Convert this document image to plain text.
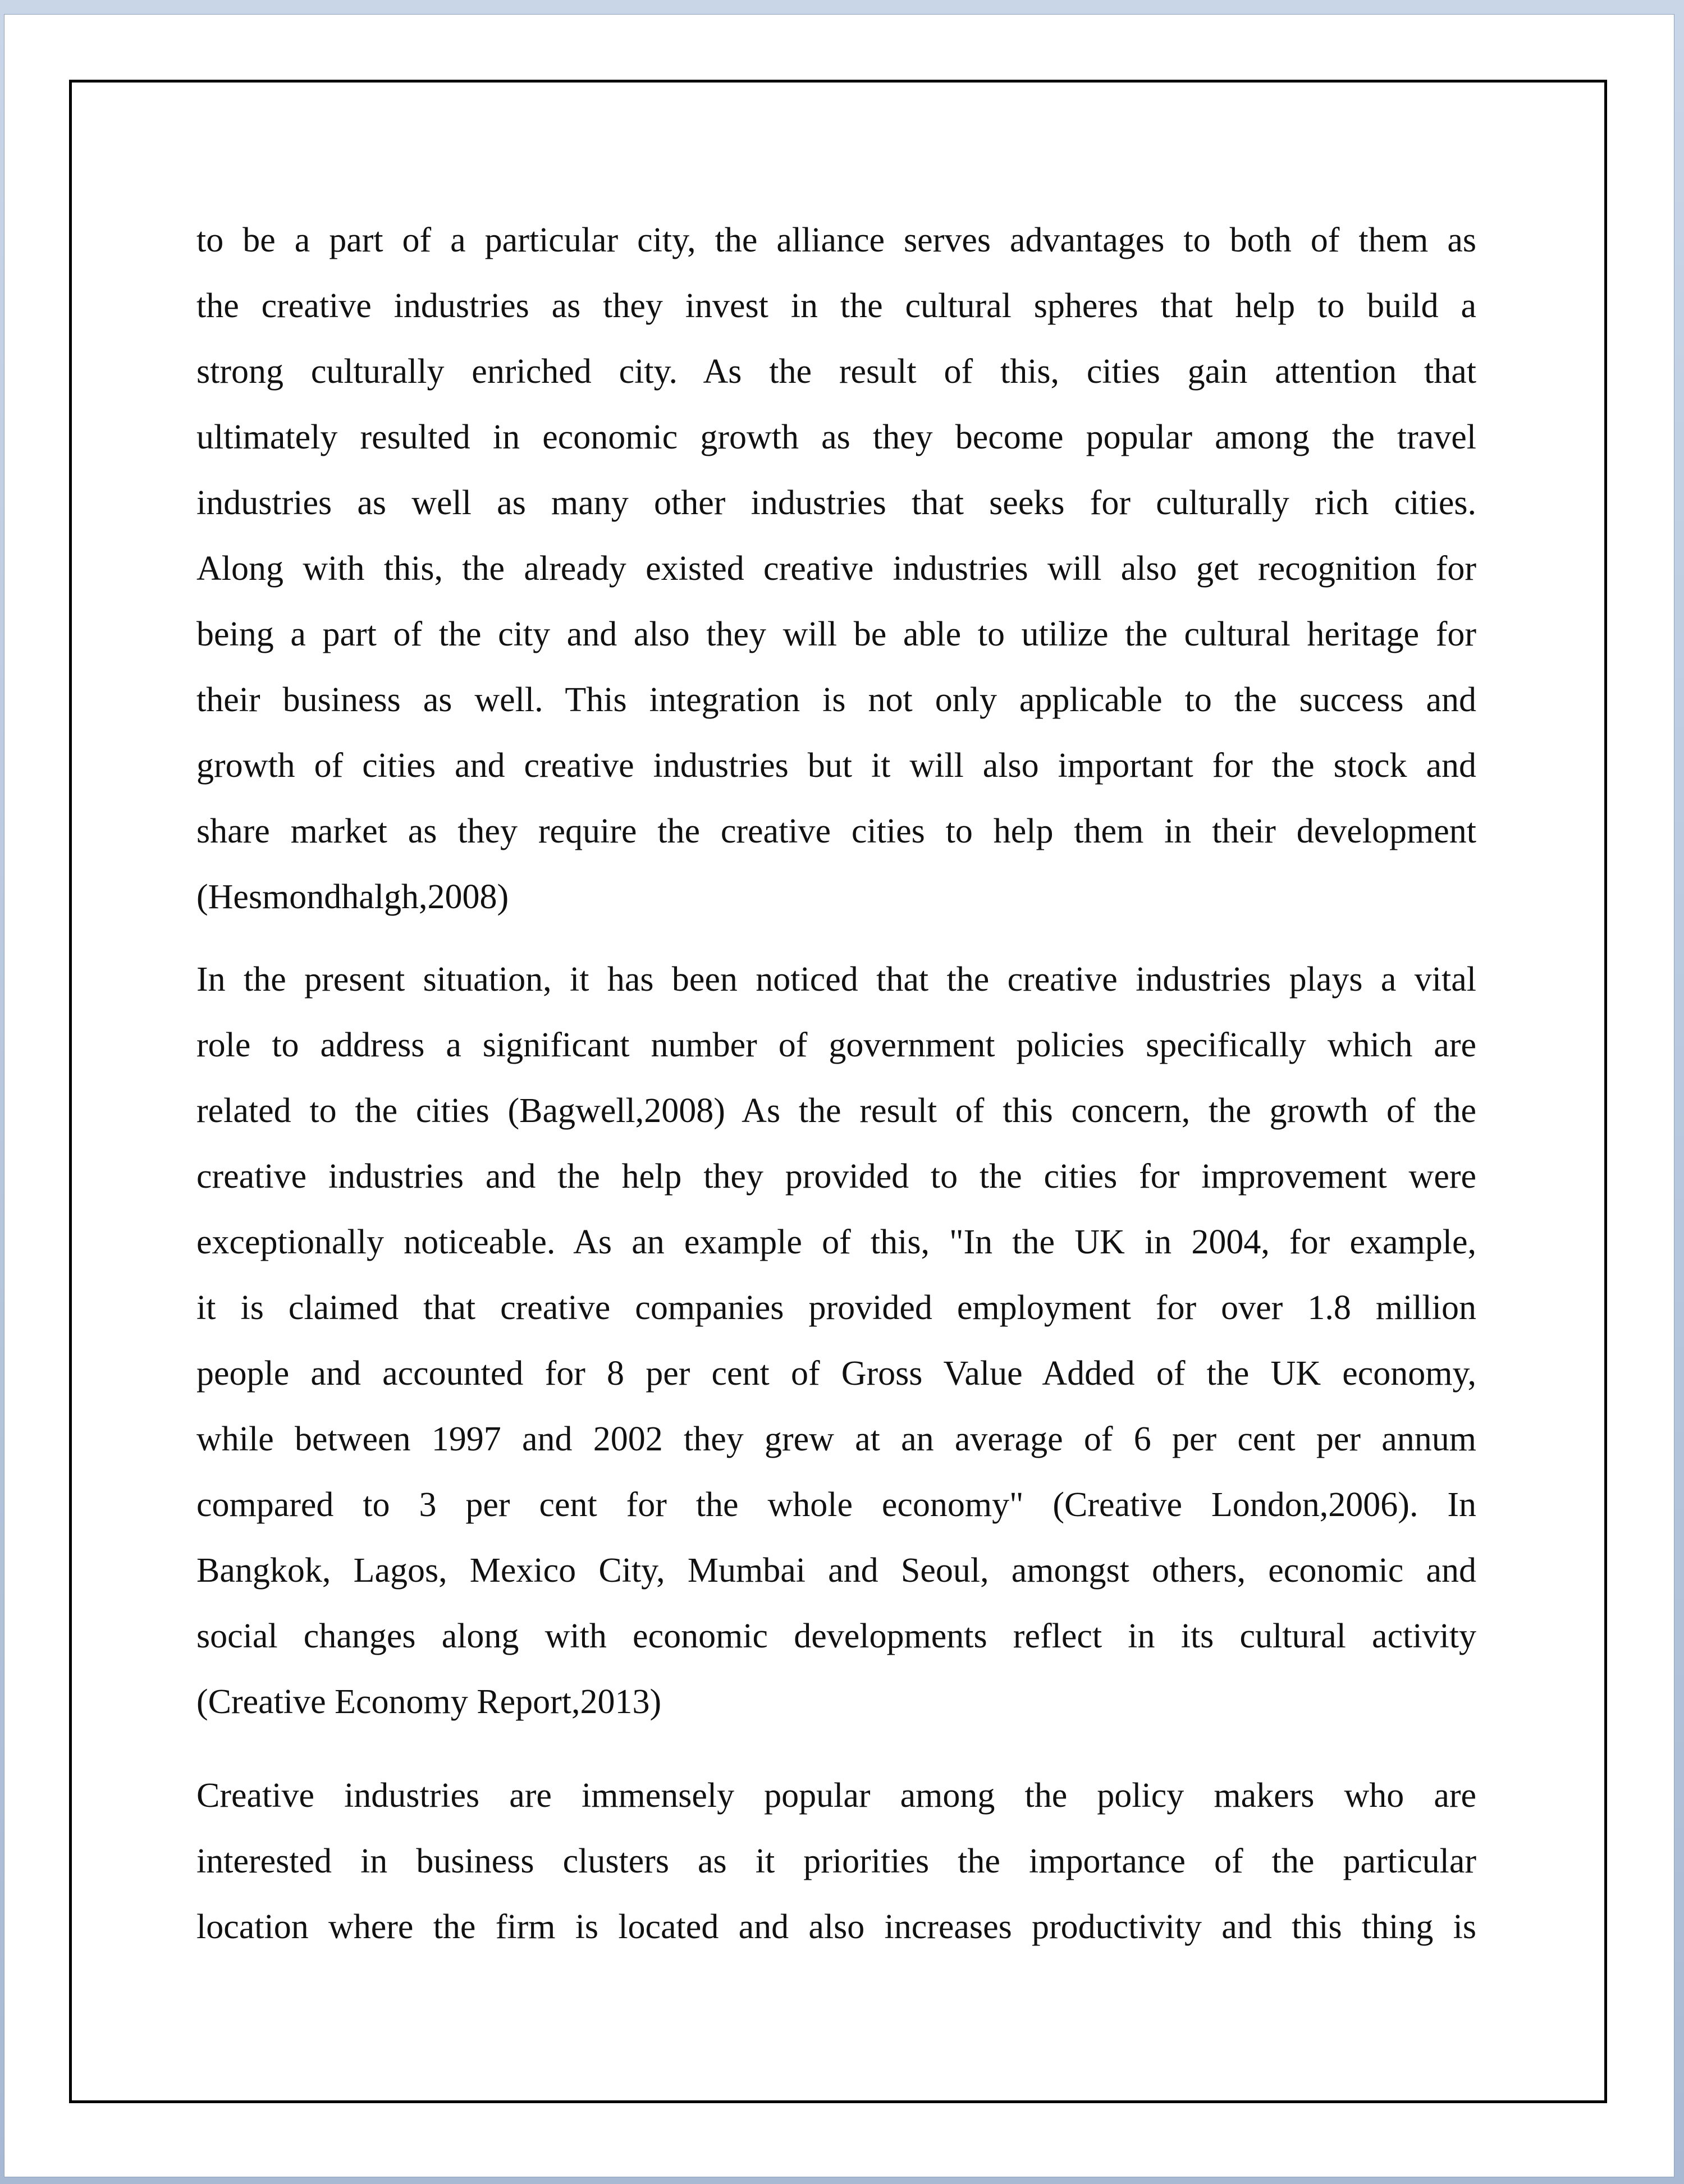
to be a part of a particular city, the alliance serves advantages to both of them as
the creative industries as they invest in the cultural spheres that help to build a
strong culturally enriched city. As the result of this, cities gain attention that
ultimately resulted in economic growth as they become popular among the travel
industries as well as many other industries that seeks for culturally rich cities.
Along with this, the already existed creative industries will also get recognition for
being a part of the city and also they will be able to utilize the cultural heritage for
their business as well. This integration is not only applicable to the success and
growth of cities and creative industries but it will also important for the stock and
share market as they require the creative cities to help them in their development
(Hesmondhalgh,2008)
In the present situation, it has been noticed that the creative industries plays a vital
role to address a significant number of government policies specifically which are
related to the cities (Bagwell,2008) As the result of this concern, the growth of the
creative industries and the help they provided to the cities for improvement were
exceptionally noticeable. As an example of this, "In the UK in 2004, for example,
it is claimed that creative companies provided employment for over 1.8 million
people and accounted for 8 per cent of Gross Value Added of the UK economy,
while between 1997 and 2002 they grew at an average of 6 per cent per annum
compared to 3 per cent for the whole economy" (Creative London,2006). In
Bangkok, Lagos, Mexico City, Mumbai and Seoul, amongst others, economic and
social changes along with economic developments reflect in its cultural activity
(Creative Economy Report,2013)
Creative industries are immensely popular among the policy makers who are
interested in business clusters as it priorities the importance of the particular
location where the firm is located and also increases productivity and this thing is
